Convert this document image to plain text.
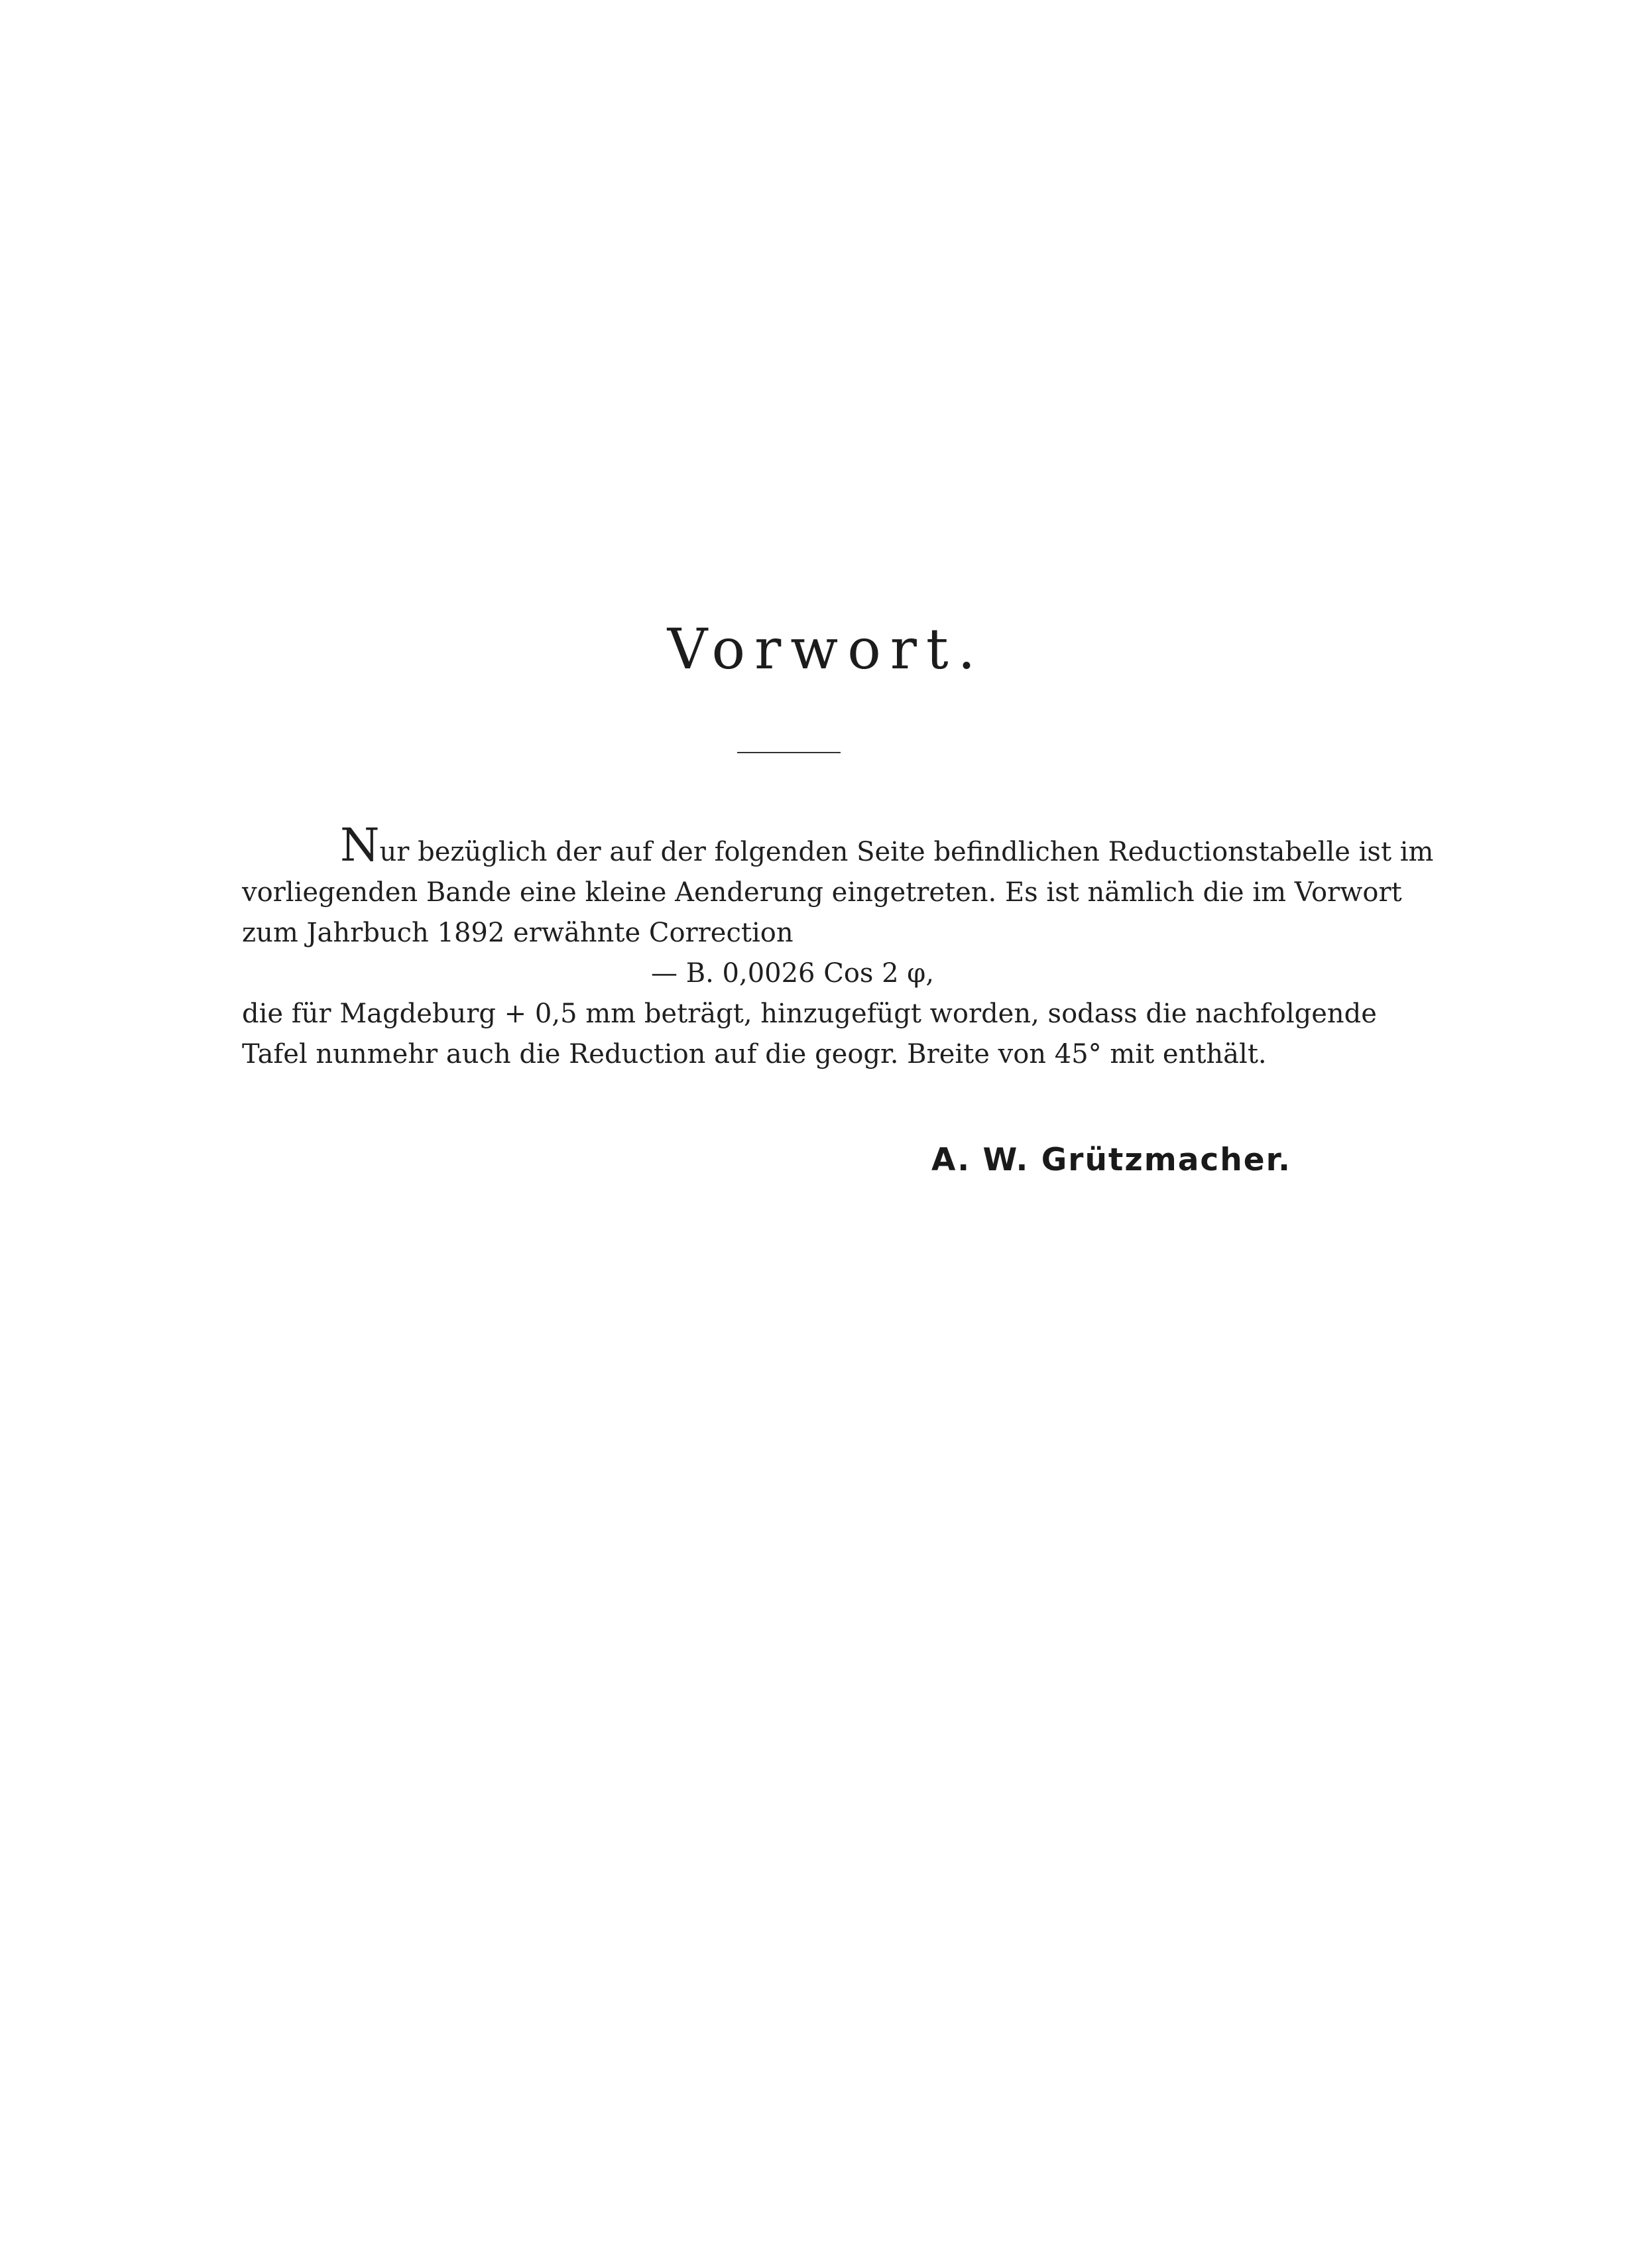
Vorwort.
Nur bezüglich der auf der folgenden Seite befindlichen Reductionstabelle ist im
vorliegenden Bande eine kleine Aenderung eingetreten. Es ist nämlich die im Vorwort
zum Jahrbuch 1892 erwähnte Correction
— B. 0,0026 Cos 2 φ,
die für Magdeburg + 0,5 mm beträgt, hinzugefügt worden, sodass die nachfolgende
Tafel nunmehr auch die Reduction auf die geogr. Breite von 45° mit enthält.
A. W. Grützmacher.
